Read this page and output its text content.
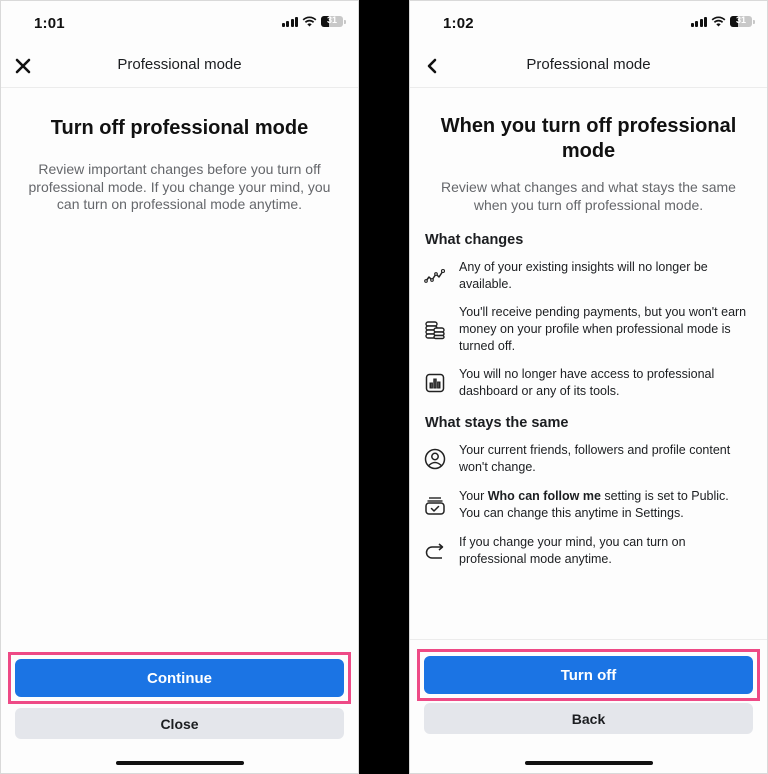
1:01	31
Professional mode
Turn off professional mode
Review important changes before you turn off professional mode. If you change your mind, you can turn on professional mode anytime.
Continue
Close
1:02	31
Professional mode
When you turn off professional mode
Review what changes and what stays the same when you turn off professional mode.
What changes
Any of your existing insights will no longer be available.
You'll receive pending payments, but you won't earn money on your profile when professional mode is turned off.
You will no longer have access to professional dashboard or any of its tools.
What stays the same
Your current friends, followers and profile content won't change.
Your Who can follow me setting is set to Public. You can change this anytime in Settings.
If you change your mind, you can turn on professional mode anytime.
Turn off
Back
